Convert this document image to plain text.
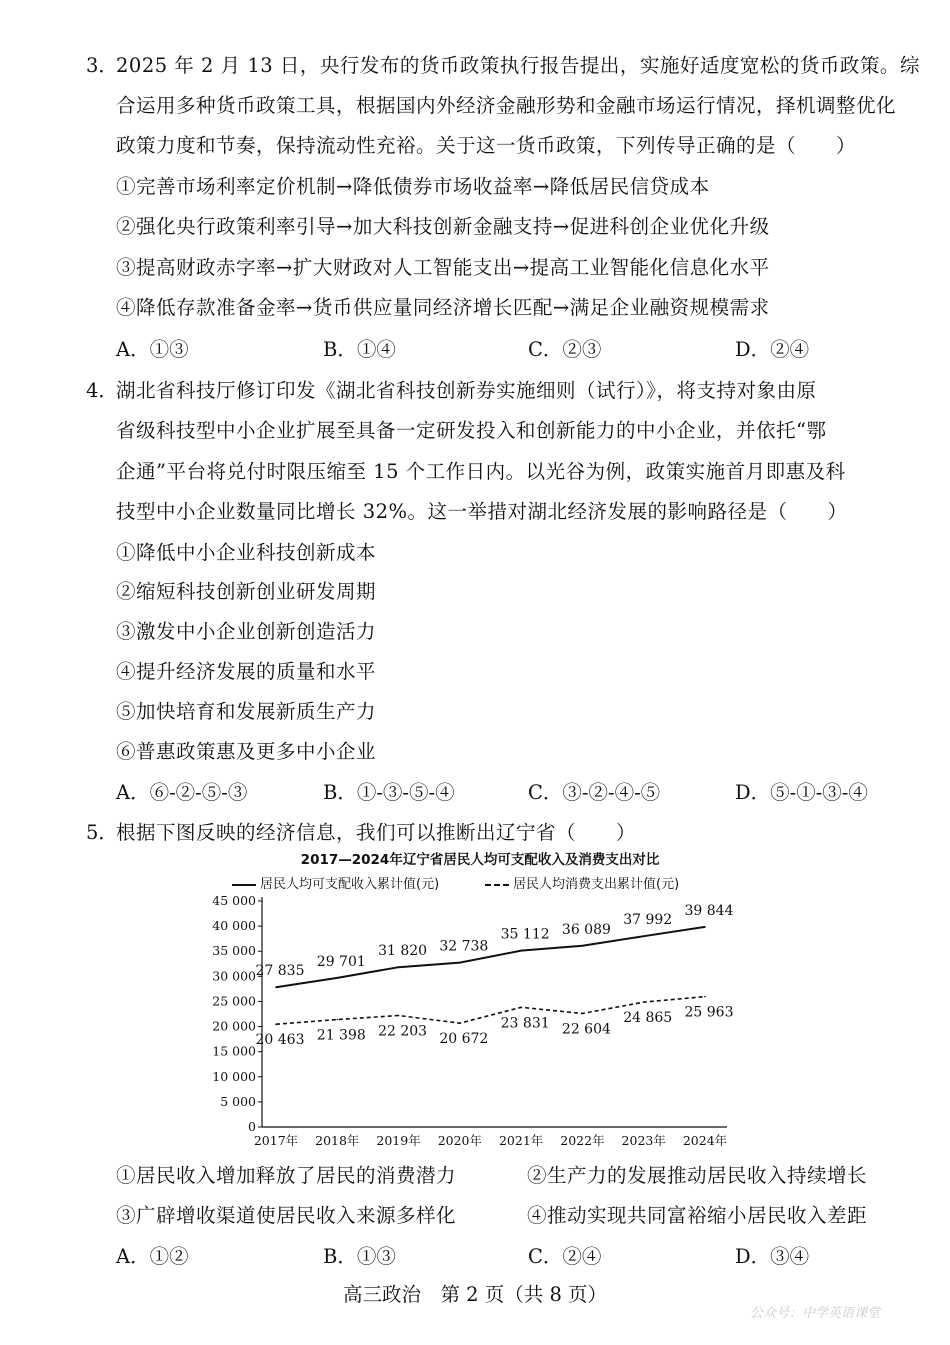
3．
2025 年 2 月 13 日，央行发布的货币政策执行报告提出，实施好适度宽松的货币政策。综
合运用多种货币政策工具，根据国内外经济金融形势和金融市场运行情况，择机调整优化
政策力度和节奏，保持流动性充裕。关于这一货币政策，下列传导正确的是（　　）
①完善市场利率定价机制→降低债券市场收益率→降低居民信贷成本
②强化央行政策利率引导→加大科技创新金融支持→促进科创企业优化升级
③提高财政赤字率→扩大财政对人工智能支出→提高工业智能化信息化水平
④降低存款准备金率→货币供应量同经济增长匹配→满足企业融资规模需求
A．①③	B．①④	C．②③	D．②④
4．
湖北省科技厅修订印发《湖北省科技创新券实施细则（试行）》，将支持对象由原
省级科技型中小企业扩展至具备一定研发投入和创新能力的中小企业，并依托“鄂
企通”平台将兑付时限压缩至 15 个工作日内。以光谷为例，政策实施首月即惠及科
技型中小企业数量同比增长 32%。这一举措对湖北经济发展的影响路径是（　　）
①降低中小企业科技创新成本
②缩短科技创新创业研发周期
③激发中小企业创新创造活力
④提升经济发展的质量和水平
⑤加快培育和发展新质生产力
⑥普惠政策惠及更多中小企业
A．⑥-②-⑤-③	B．①-③-⑤-④	C．③-②-④-⑤	D．⑤-①-③-④
5．
根据下图反映的经济信息，我们可以推断出辽宁省（　　）
2017—2024年辽宁省居民人均可支配收入及消费支出对比
居民人均可支配收入累计值(元)	居民人均消费支出累计值(元)
0
5 000
10 000
15 000
20 000
25 000
30 000
35 000
40 000
45 000
2017年 2018年 2019年 2020年 2021年 2022年 2023年 2024年
27 835
29 701
31 820 32 738
35 112 36 089
37 992
39 844
20 463 21 398 22 203 20 672
23 831 22 604
24 865 25 963
①居民收入增加释放了居民的消费潜力	②生产力的发展推动居民收入持续增长
③广辟增收渠道使居民收入来源多样化	④推动实现共同富裕缩小居民收入差距
A．①②	B．①③	C．②④	D．③④
高三政治　第 2 页（共 8 页）
公众号：中学英语课堂
